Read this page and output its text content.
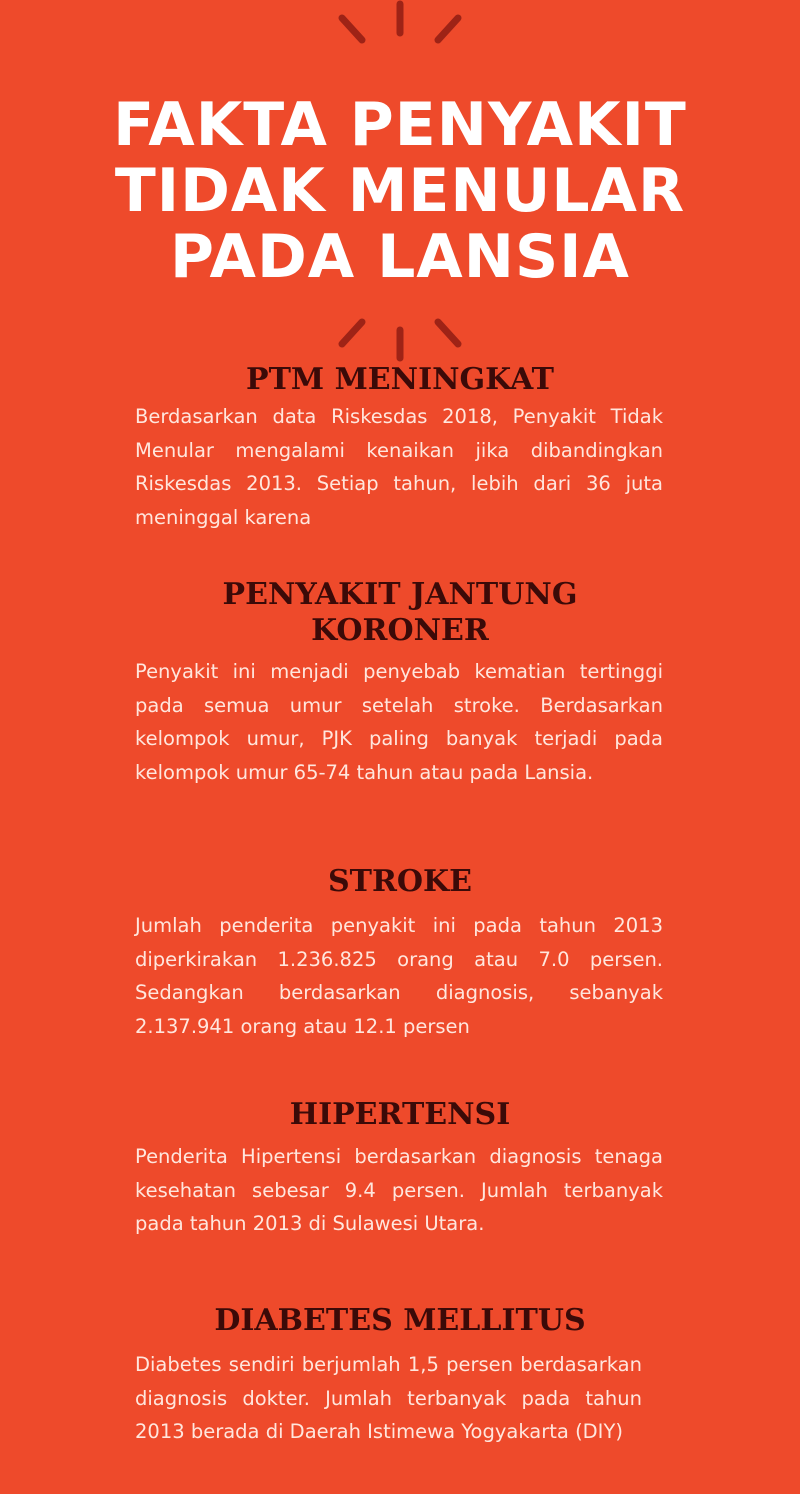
FAKTA PENYAKIT
TIDAK MENULAR
PADA LANSIA
PTM MENINGKAT

Berdasarkan data Riskesdas 2018, Penyakit Tidak Menular mengalami kenaikan jika dibandingkan Riskesdas 2013. Setiap tahun, lebih dari 36 juta meninggal karena

PENYAKIT JANTUNG
KORONER

Penyakit ini menjadi penyebab kematian tertinggi pada semua umur setelah stroke. Berdasarkan kelompok umur, PJK paling banyak terjadi pada kelompok umur 65-74 tahun atau pada Lansia.

STROKE

Jumlah penderita penyakit ini pada tahun 2013 diperkirakan 1.236.825 orang atau 7.0 persen. Sedangkan berdasarkan diagnosis, sebanyak 2.137.941 orang atau 12.1 persen

HIPERTENSI

Penderita Hipertensi berdasarkan diagnosis tenaga kesehatan sebesar 9.4 persen. Jumlah terbanyak pada tahun 2013 di Sulawesi Utara.

DIABETES MELLITUS

Diabetes sendiri berjumlah 1,5 persen berdasarkan diagnosis dokter. Jumlah terbanyak pada tahun 2013 berada di Daerah Istimewa Yogyakarta (DIY)
